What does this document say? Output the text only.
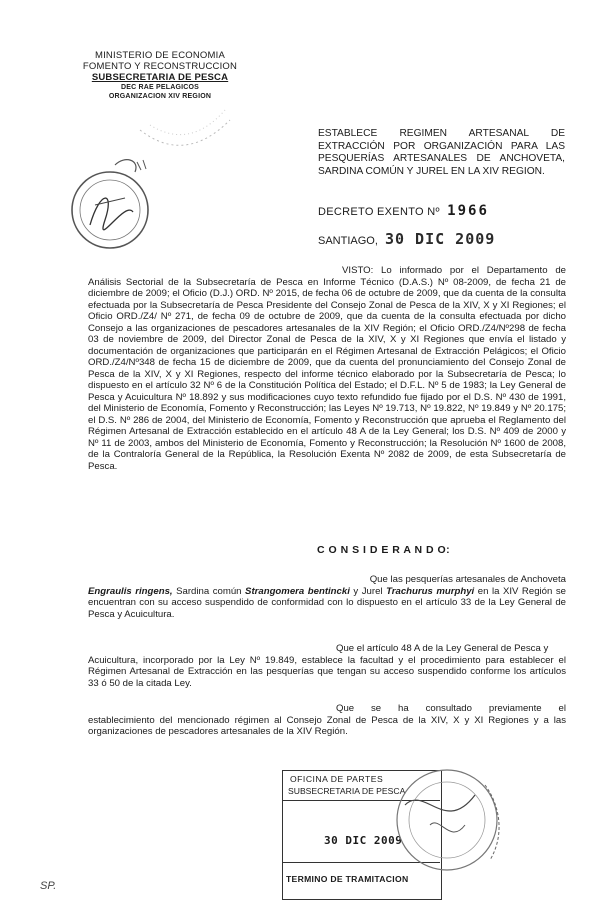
MINISTERIO DE ECONOMIA
FOMENTO Y RECONSTRUCCION
SUBSECRETARIA DE PESCA
DEC RAE PELAGICOS
ORGANIZACION XIV REGION
ESTABLECE REGIMEN ARTESANAL DE EXTRACCIÓN POR ORGANIZACIÓN PARA LAS PESQUERÍAS ARTESANALES DE ANCHOVETA, SARDINA COMÚN Y JUREL EN LA XIV REGION.
DECRETO EXENTO Nº 1966
SANTIAGO, 30 DIC 2009
VISTO: Lo informado por el Departamento de Análisis Sectorial de la Subsecretaría de Pesca en Informe Técnico (D.A.S.) Nº 08-2009, de fecha 21 de diciembre de 2009; el Oficio (D.J.) ORD. Nº 2015, de fecha 06 de octubre de 2009, que da cuenta de la consulta efectuada por la Subsecretaría de Pesca Presidente del Consejo Zonal de Pesca de la XIV, X y XI Regiones; el Oficio ORD./Z4/ Nº 271, de fecha 09 de octubre de 2009, que da cuenta de la consulta efectuada por dicho Consejo a las organizaciones de pescadores artesanales de la XIV Región; el Oficio ORD./Z4/Nº298 de fecha 03 de noviembre de 2009, del Director Zonal de Pesca de la XIV, X y XI Regiones que envía el listado y documentación de organizaciones que participarán en el Régimen Artesanal de Extracción Pelágicos; el Oficio ORD./Z4/Nº348 de fecha 15 de diciembre de 2009, que da cuenta del pronunciamiento del Consejo Zonal de Pesca de la XIV, X y XI Regiones, respecto del informe técnico elaborado por la Subsecretaría de Pesca; lo dispuesto en el artículo 32 Nº 6 de la Constitución Política del Estado; el D.F.L. Nº 5 de 1983; la Ley General de Pesca y Acuicultura Nº 18.892 y sus modificaciones cuyo texto refundido fue fijado por el D.S. Nº 430 de 1991, del Ministerio de Economía, Fomento y Reconstrucción; las Leyes Nº 19.713, Nº 19.822, Nº 19.849 y Nº 20.175; el D.S. Nº 286 de 2004, del Ministerio de Economía, Fomento y Reconstrucción que aprueba el Reglamento del Régimen Artesanal de Extracción establecido en el artículo 48 A de la Ley General; los D.S. Nº 409 de 2000 y Nº 11 de 2003, ambos del Ministerio de Economía, Fomento y Reconstrucción; la Resolución Nº 1600 de 2008, de la Contraloría General de la República, la Resolución Exenta Nº 2082 de 2009, de esta Subsecretaría de Pesca.
C O N S I D E R A N D O:
Que las pesquerías artesanales de Anchoveta
Engraulis ringens, Sardina común Strangomera bentincki y Jurel Trachurus murphyi en la XIV Región se encuentran con su acceso suspendido de conformidad con lo dispuesto en el artículo 33 de la Ley General de Pesca y Acuicultura.
Que el artículo 48 A de la Ley General de Pesca y
Acuicultura, incorporado por la Ley Nº 19.849, establece la facultad y el procedimiento para establecer el Régimen Artesanal de Extracción en las pesquerías que tengan su acceso suspendido conforme los artículos 33 ó 50 de la citada Ley.
Que se ha consultado previamente el
establecimiento del mencionado régimen al Consejo Zonal de Pesca de la XIV, X y XI Regiones y a las organizaciones de pescadores artesanales de la XIV Región.
OFICINA DE PARTES
SUBSECRETARIA DE PESCA
30 DIC 2009
TERMINO DE TRAMITACION
SP.
